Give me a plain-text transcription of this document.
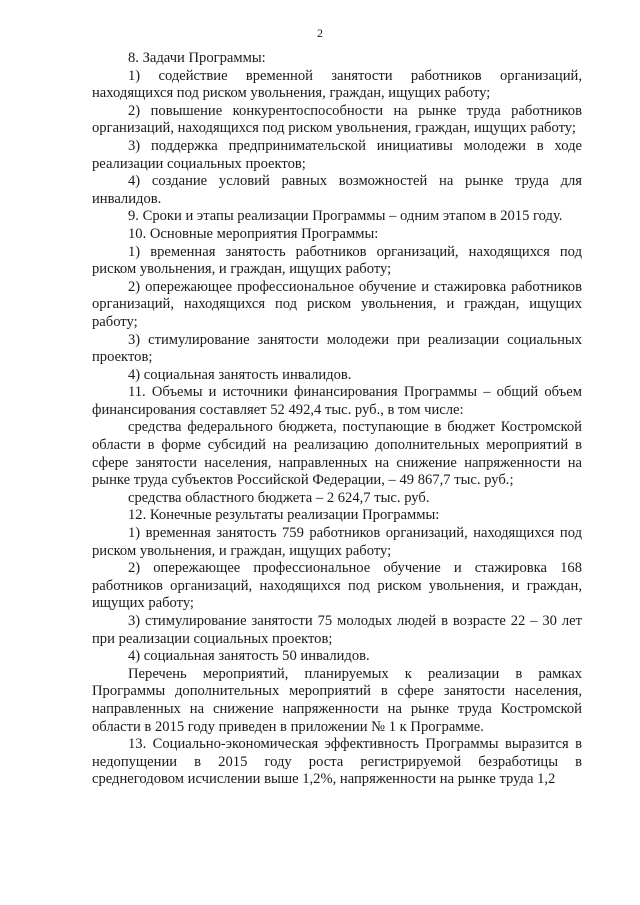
2

8. Задачи Программы:

1) содействие временной занятости работников организаций, находящихся под риском увольнения, граждан, ищущих работу;

2) повышение конкурентоспособности на рынке труда работников организаций, находящихся под риском увольнения, граждан, ищущих работу;

3) поддержка предпринимательской инициативы молодежи в ходе реализации социальных проектов;

4) создание условий равных возможностей на рынке труда для инвалидов.

9. Сроки и этапы реализации Программы – одним этапом в 2015 году.

10. Основные мероприятия Программы:

1) временная занятость работников организаций, находящихся под риском увольнения, и граждан, ищущих работу;

2) опережающее профессиональное обучение и стажировка работников организаций, находящихся под риском увольнения, и граждан, ищущих работу;

3) стимулирование занятости молодежи при реализации социальных проектов;

4) социальная занятость инвалидов.

11. Объемы и источники финансирования Программы – общий объем финансирования составляет 52 492,4 тыс. руб., в том числе:

средства федерального бюджета, поступающие в бюджет Костромской области в форме субсидий на реализацию дополнительных мероприятий в сфере занятости населения, направленных на снижение напряженности на рынке труда субъектов Российской Федерации, – 49 867,7 тыс. руб.;

средства областного бюджета – 2 624,7 тыс. руб.

12. Конечные результаты реализации Программы:

1) временная занятость 759 работников организаций, находящихся под риском увольнения, и граждан, ищущих работу;

2) опережающее профессиональное обучение и стажировка 168 работников организаций, находящихся под риском увольнения, и граждан, ищущих работу;

3) стимулирование занятости 75 молодых людей в возрасте 22 – 30 лет при реализации социальных проектов;

4) социальная занятость 50 инвалидов.

Перечень мероприятий, планируемых к реализации в рамках Программы дополнительных мероприятий в сфере занятости населения, направленных на снижение напряженности на рынке труда Костромской области в 2015 году приведен в приложении № 1 к Программе.

13. Социально-экономическая эффективность Программы выразится в недопущении в 2015 году роста регистрируемой безработицы в среднегодовом исчислении выше 1,2%, напряженности на рынке труда 1,2
